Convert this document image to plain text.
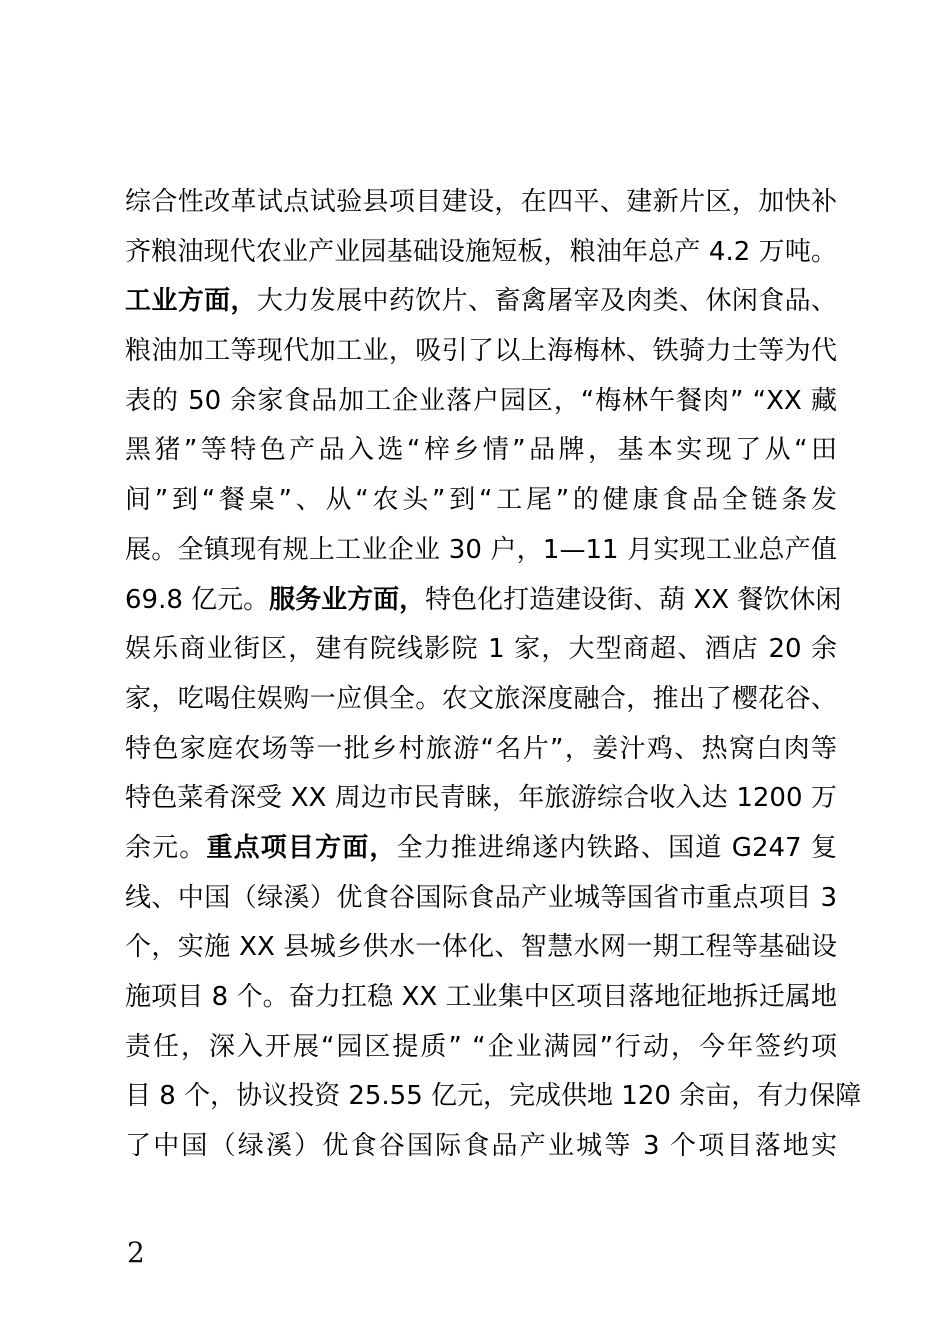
综合性改革试点试验县项目建设，在四平、建新片区，加快补
齐粮油现代农业产业园基础设施短板，粮油年总产 4.2 万吨。
工业方面，大力发展中药饮片、畜禽屠宰及肉类、休闲食品、
粮油加工等现代加工业，吸引了以上海梅林、铁骑力士等为代
表的 50 余家食品加工企业落户园区，“梅林午餐肉” “XX 藏
黑猪”等特色产品入选“梓乡情”品牌，基本实现了从“田
间”到“餐桌”、从“农头”到“工尾”的健康食品全链条发
展。全镇现有规上工业企业 30 户，1—11 月实现工业总产值
69.8 亿元。服务业方面，特色化打造建设街、葫 XX 餐饮休闲
娱乐商业街区，建有院线影院 1 家，大型商超、酒店 20 余
家，吃喝住娱购一应俱全。农文旅深度融合，推出了樱花谷、
特色家庭农场等一批乡村旅游“名片”，姜汁鸡、热窝白肉等
特色菜肴深受 XX 周边市民青睐，年旅游综合收入达 1200 万
余元。重点项目方面，全力推进绵遂内铁路、国道 G247 复
线、中国（绿溪）优食谷国际食品产业城等国省市重点项目 3
个，实施 XX 县城乡供水一体化、智慧水网一期工程等基础设
施项目 8 个。奋力扛稳 XX 工业集中区项目落地征地拆迁属地
责任，深入开展“园区提质” “企业满园”行动，今年签约项
目 8 个，协议投资 25.55 亿元，完成供地 120 余亩，有力保障
了中国（绿溪）优食谷国际食品产业城等 3 个项目落地实
2
